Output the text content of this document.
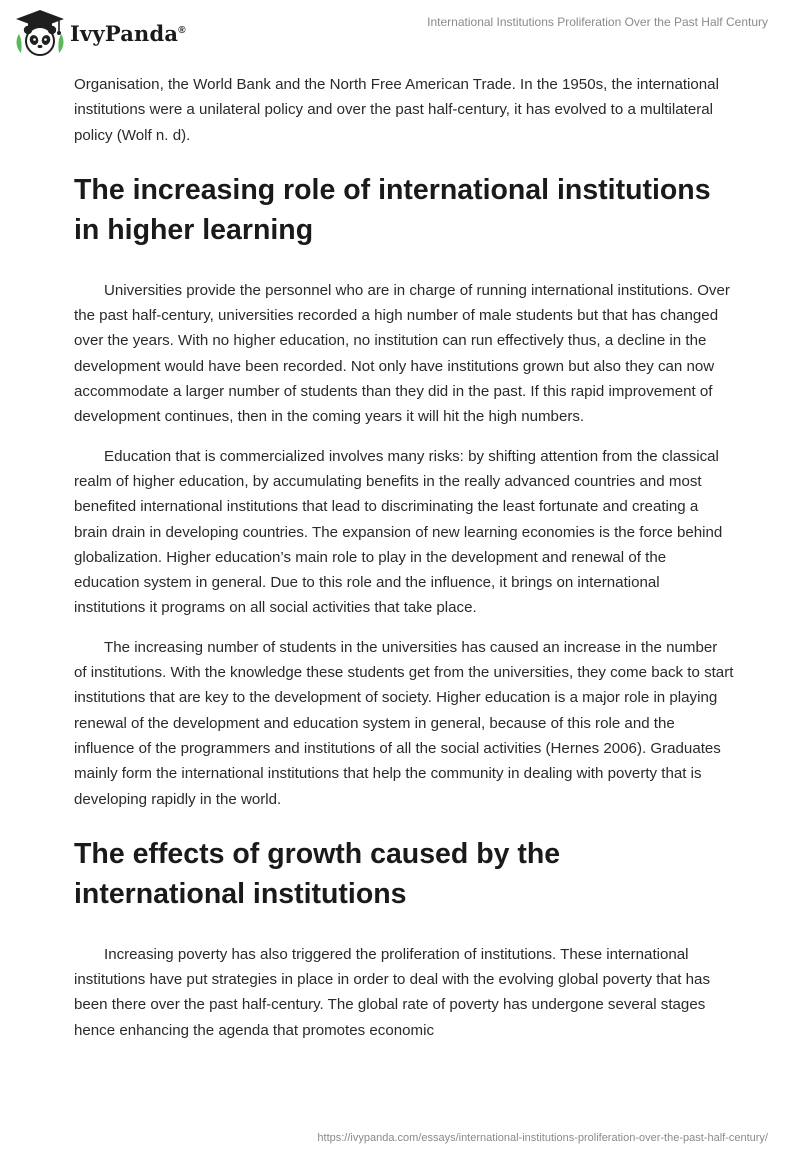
IvyPanda®
International Institutions Proliferation Over the Past Half Century

Organisation, the World Bank and the North Free American Trade. In the 1950s, the international institutions were a unilateral policy and over the past half-century, it has evolved to a multilateral policy (Wolf n. d).

The increasing role of international institutions in higher learning

Universities provide the personnel who are in charge of running international institutions. Over the past half-century, universities recorded a high number of male students but that has changed over the years. With no higher education, no institution can run effectively thus, a decline in the development would have been recorded. Not only have institutions grown but also they can now accommodate a larger number of students than they did in the past. If this rapid improvement of development continues, then in the coming years it will hit the high numbers.

Education that is commercialized involves many risks: by shifting attention from the classical realm of higher education, by accumulating benefits in the really advanced countries and most benefited international institutions that lead to discriminating the least fortunate and creating a brain drain in developing countries. The expansion of new learning economies is the force behind globalization. Higher education’s main role to play in the development and renewal of the education system in general. Due to this role and the influence, it brings on international institutions it programs on all social activities that take place.

The increasing number of students in the universities has caused an increase in the number of institutions. With the knowledge these students get from the universities, they come back to start institutions that are key to the development of society. Higher education is a major role in playing renewal of the development and education system in general, because of this role and the influence of the programmers and institutions of all the social activities (Hernes 2006). Graduates mainly form the international institutions that help the community in dealing with poverty that is developing rapidly in the world.

The effects of growth caused by the international institutions

Increasing poverty has also triggered the proliferation of institutions. These international institutions have put strategies in place in order to deal with the evolving global poverty that has been there over the past half-century. The global rate of poverty has undergone several stages hence enhancing the agenda that promotes economic

https://ivypanda.com/essays/international-institutions-proliferation-over-the-past-half-century/
